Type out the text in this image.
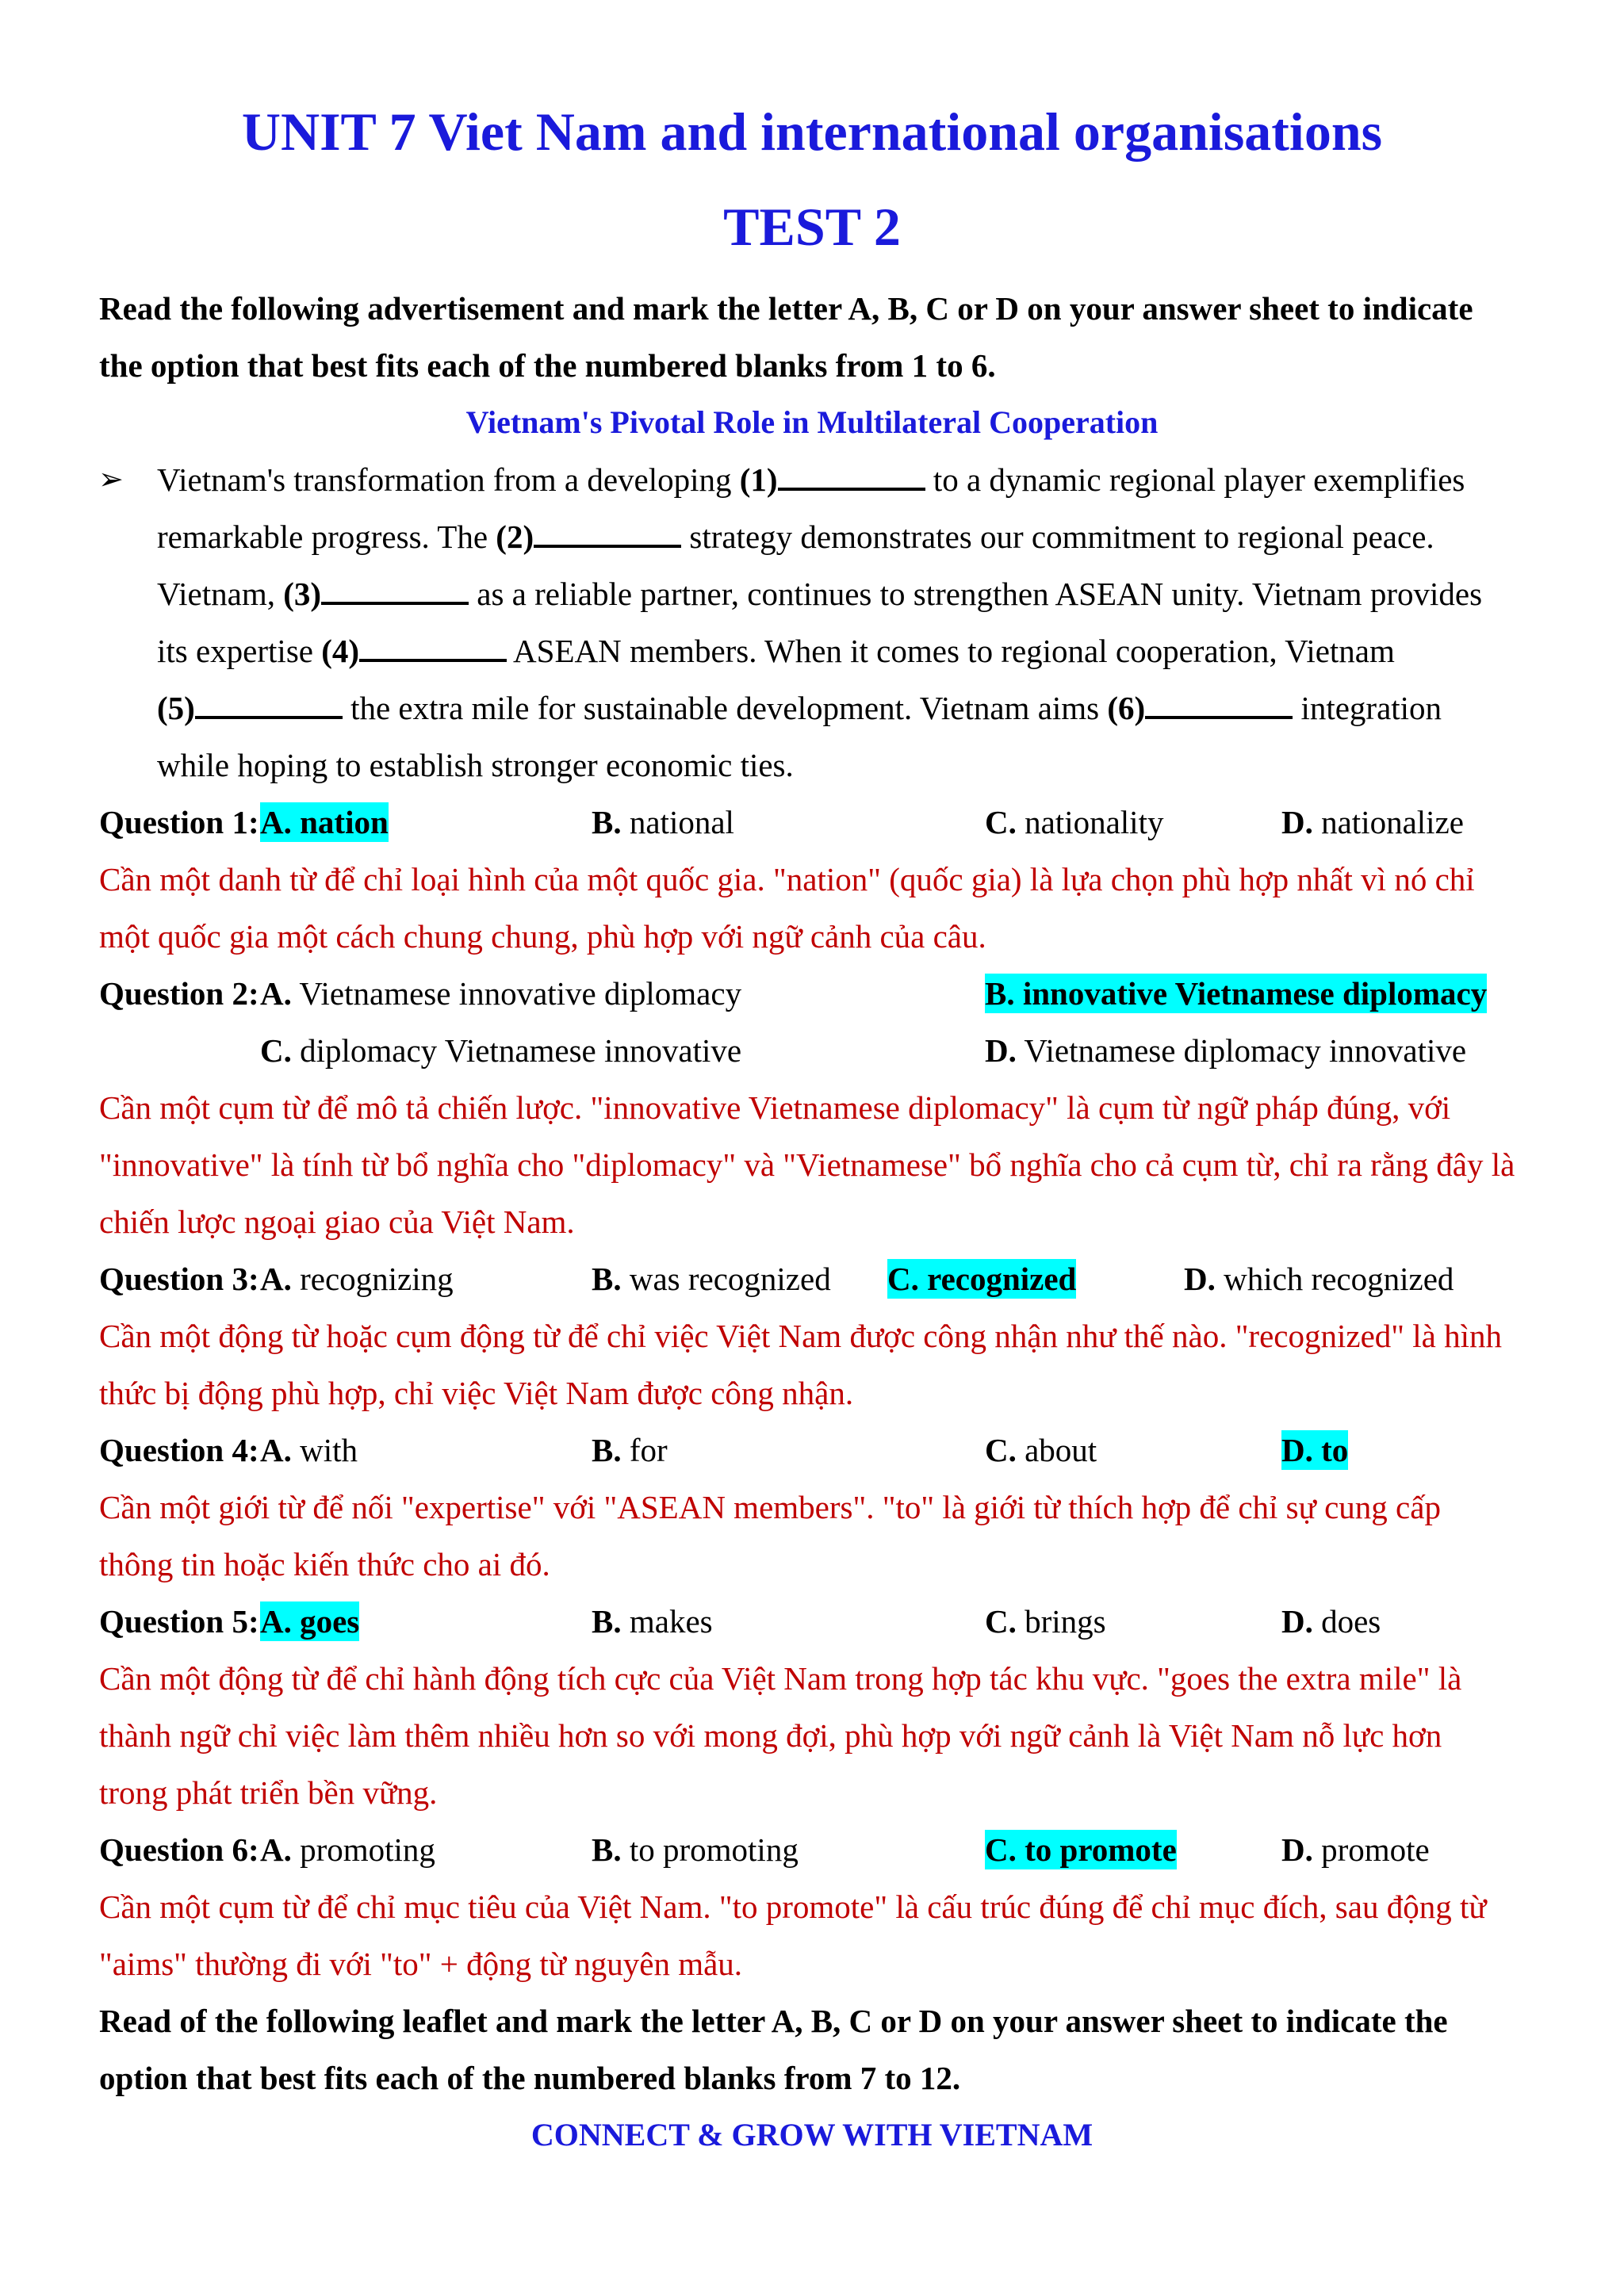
UNIT 7 Viet Nam and international organisations
TEST 2
Read the following advertisement and mark the letter A, B, C or D on your answer sheet to indicate
the option that best fits each of the numbered blanks from 1 to 6.
Vietnam's Pivotal Role in Multilateral Cooperation
➢ Vietnam's transformation from a developing (1)	to a dynamic regional player exemplifies
remarkable progress. The (2)	strategy demonstrates our commitment to regional peace.
Vietnam, (3)	as a reliable partner, continues to strengthen ASEAN unity. Vietnam provides
its expertise (4)	ASEAN members. When it comes to regional cooperation, Vietnam
(5)	the extra mile for sustainable development. Vietnam aims (6)	integration
while hoping to establish stronger economic ties.
Question 1: A. nation	B. national	C. nationality	D. nationalize
Cần một danh từ để chỉ loại hình của một quốc gia. "nation" (quốc gia) là lựa chọn phù hợp nhất vì nó chỉ
một quốc gia một cách chung chung, phù hợp với ngữ cảnh của câu.
Question 2: A. Vietnamese innovative diplomacy	B. innovative Vietnamese diplomacy
C. diplomacy Vietnamese innovative	D. Vietnamese diplomacy innovative
Cần một cụm từ để mô tả chiến lược. "innovative Vietnamese diplomacy" là cụm từ ngữ pháp đúng, với
"innovative" là tính từ bổ nghĩa cho "diplomacy" và "Vietnamese" bổ nghĩa cho cả cụm từ, chỉ ra rằng đây là
chiến lược ngoại giao của Việt Nam.
Question 3: A. recognizing	B. was recognized C. recognized	D. which recognized
Cần một động từ hoặc cụm động từ để chỉ việc Việt Nam được công nhận như thế nào. "recognized" là hình
thức bị động phù hợp, chỉ việc Việt Nam được công nhận.
Question 4: A. with	B. for	C. about	D. to
Cần một giới từ để nối "expertise" với "ASEAN members". "to" là giới từ thích hợp để chỉ sự cung cấp
thông tin hoặc kiến thức cho ai đó.
Question 5: A. goes	B. makes	C. brings	D. does
Cần một động từ để chỉ hành động tích cực của Việt Nam trong hợp tác khu vực. "goes the extra mile" là
thành ngữ chỉ việc làm thêm nhiều hơn so với mong đợi, phù hợp với ngữ cảnh là Việt Nam nỗ lực hơn
trong phát triển bền vững.
Question 6: A. promoting	B. to promoting	C. to promote	D. promote
Cần một cụm từ để chỉ mục tiêu của Việt Nam. "to promote" là cấu trúc đúng để chỉ mục đích, sau động từ
"aims" thường đi với "to" + động từ nguyên mẫu.
Read of the following leaflet and mark the letter A, B, C or D on your answer sheet to indicate the
option that best fits each of the numbered blanks from 7 to 12.
CONNECT & GROW WITH VIETNAM
